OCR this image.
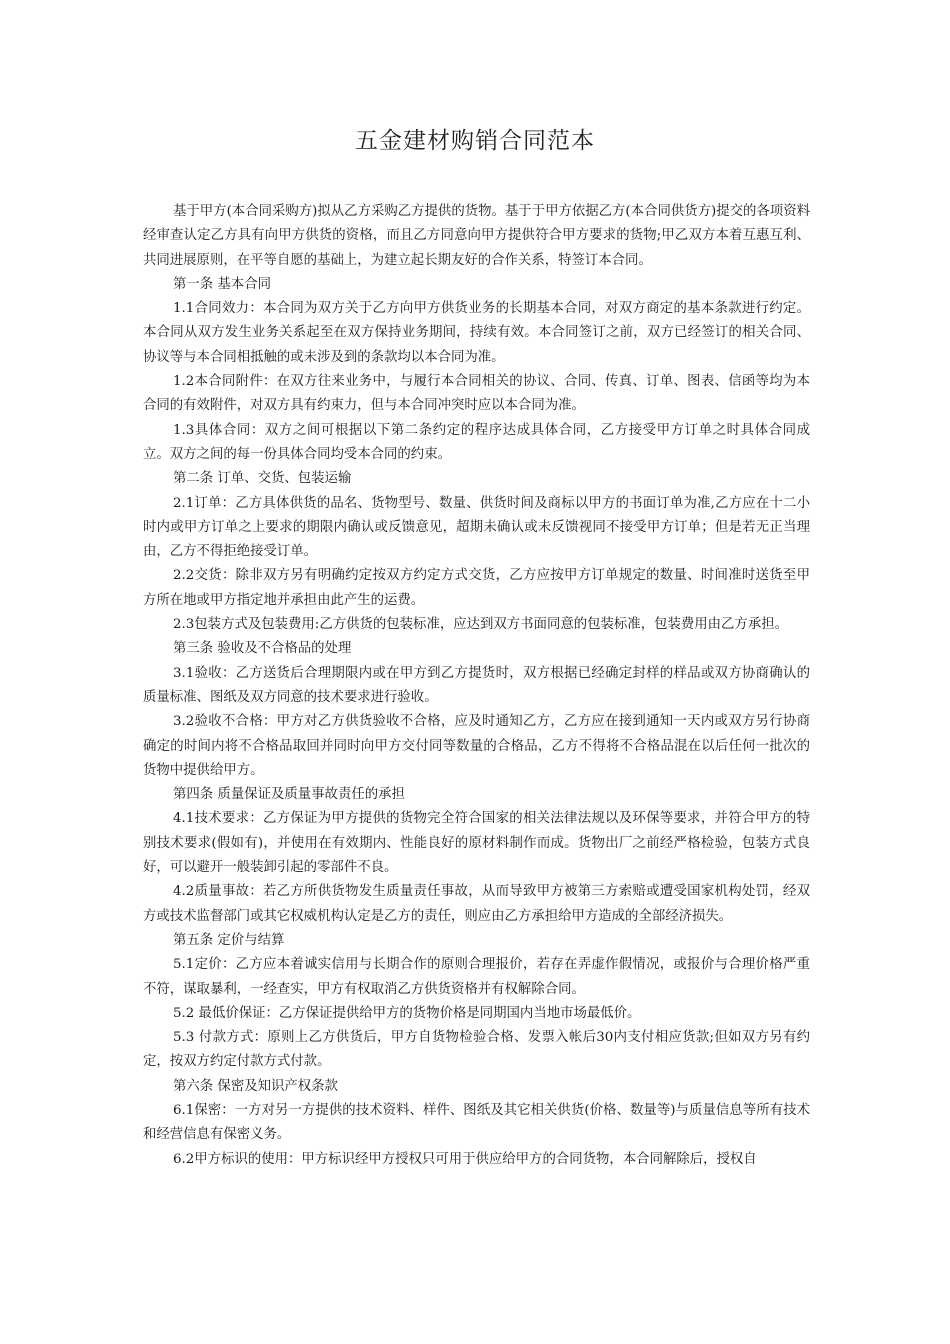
五金建材购销合同范本

基于甲方(本合同采购方)拟从乙方采购乙方提供的货物。基于于甲方依据乙方(本合同供货方)提交的各项资料经审查认定乙方具有向甲方供货的资格，而且乙方同意向甲方提供符合甲方要求的货物;甲乙双方本着互惠互利、共同进展原则，在平等自愿的基础上，为建立起长期友好的合作关系，特签订本合同。

第一条 基本合同

1.1合同效力：本合同为双方关于乙方向甲方供货业务的长期基本合同，对双方商定的基本条款进行约定。本合同从双方发生业务关系起至在双方保持业务期间，持续有效。本合同签订之前，双方已经签订的相关合同、协议等与本合同相抵触的或未涉及到的条款均以本合同为准。

1.2本合同附件：在双方往来业务中，与履行本合同相关的协议、合同、传真、订单、图表、信函等均为本合同的有效附件，对双方具有约束力，但与本合同冲突时应以本合同为准。

1.3具体合同：双方之间可根据以下第二条约定的程序达成具体合同，乙方接受甲方订单之时具体合同成立。双方之间的每一份具体合同均受本合同的约束。

第二条 订单、交货、包装运输

2.1订单：乙方具体供货的品名、货物型号、数量、供货时间及商标以甲方的书面订单为准,乙方应在十二小时内或甲方订单之上要求的期限内确认或反馈意见，超期未确认或未反馈视同不接受甲方订单；但是若无正当理由，乙方不得拒绝接受订单。

2.2交货：除非双方另有明确约定按双方约定方式交货，乙方应按甲方订单规定的数量、时间准时送货至甲方所在地或甲方指定地并承担由此产生的运费。

2.3包装方式及包装费用:乙方供货的包装标准，应达到双方书面同意的包装标准，包装费用由乙方承担。

第三条 验收及不合格品的处理

3.1验收：乙方送货后合理期限内或在甲方到乙方提货时，双方根据已经确定封样的样品或双方协商确认的质量标准、图纸及双方同意的技术要求进行验收。

3.2验收不合格：甲方对乙方供货验收不合格，应及时通知乙方，乙方应在接到通知一天内或双方另行协商确定的时间内将不合格品取回并同时向甲方交付同等数量的合格品，乙方不得将不合格品混在以后任何一批次的货物中提供给甲方。

第四条 质量保证及质量事故责任的承担

4.1技术要求：乙方保证为甲方提供的货物完全符合国家的相关法律法规以及环保等要求，并符合甲方的特别技术要求(假如有)，并使用在有效期内、性能良好的原材料制作而成。货物出厂之前经严格检验，包装方式良好，可以避开一般装卸引起的零部件不良。

4.2质量事故：若乙方所供货物发生质量责任事故，从而导致甲方被第三方索赔或遭受国家机构处罚，经双方或技术监督部门或其它权威机构认定是乙方的责任，则应由乙方承担给甲方造成的全部经济损失。

第五条 定价与结算

5.1定价：乙方应本着诚实信用与长期合作的原则合理报价，若存在弄虚作假情况，或报价与合理价格严重不符，谋取暴利，一经查实，甲方有权取消乙方供货资格并有权解除合同。

5.2 最低价保证：乙方保证提供给甲方的货物价格是同期国内当地市场最低价。

5.3 付款方式：原则上乙方供货后，甲方自货物检验合格、发票入帐后30内支付相应货款;但如双方另有约定，按双方约定付款方式付款。

第六条 保密及知识产权条款

6.1保密：一方对另一方提供的技术资料、样件、图纸及其它相关供货(价格、数量等)与质量信息等所有技术和经营信息有保密义务。

6.2甲方标识的使用：甲方标识经甲方授权只可用于供应给甲方的合同货物，本合同解除后，授权自
